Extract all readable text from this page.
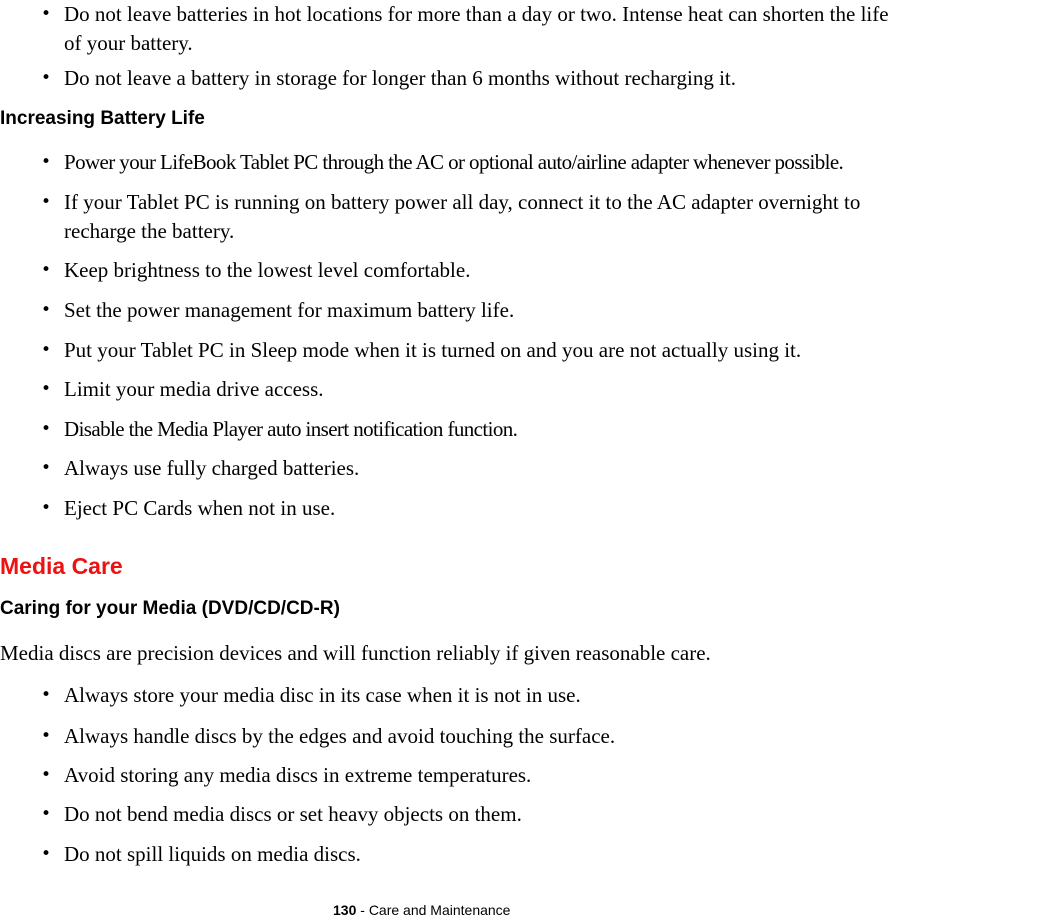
• Do not leave batteries in hot locations for more than a day or two. Intense heat can shorten the life
of your battery.
• Do not leave a battery in storage for longer than 6 months without recharging it.
Increasing Battery Life
• Power your LifeBook Tablet PC through the AC or optional auto/airline adapter whenever possible.
• If your Tablet PC is running on battery power all day, connect it to the AC adapter overnight to
recharge the battery.
• Keep brightness to the lowest level comfortable.
• Set the power management for maximum battery life.
• Put your Tablet PC in Sleep mode when it is turned on and you are not actually using it.
• Limit your media drive access.
• Disable the Media Player auto insert notification function.
• Always use fully charged batteries.
• Eject PC Cards when not in use.
Media Care
Caring for your Media (DVD/CD/CD-R)
Media discs are precision devices and will function reliably if given reasonable care.
• Always store your media disc in its case when it is not in use.
• Always handle discs by the edges and avoid touching the surface.
• Avoid storing any media discs in extreme temperatures.
• Do not bend media discs or set heavy objects on them.
• Do not spill liquids on media discs.
130 - Care and Maintenance
